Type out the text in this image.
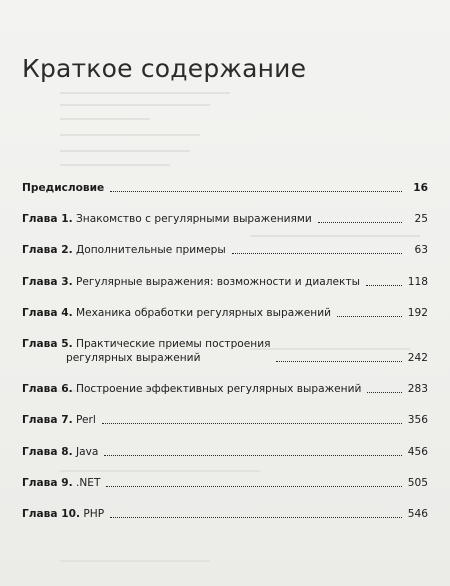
Краткое содержание
Предисловие	16
Глава 1. Знакомство с регулярными выражениями	25
Глава 2. Дополнительные примеры	63
Глава 3. Регулярные выражения: возможности и диалекты	118
Глава 4. Механика обработки регулярных выражений	192
Глава 5. Практические приемы построения
регулярных выражений	242
Глава 6. Построение эффективных регулярных выражений	283
Глава 7. Perl	356
Глава 8. Java	456
Глава 9. .NET	505
Глава 10. PHP	546
